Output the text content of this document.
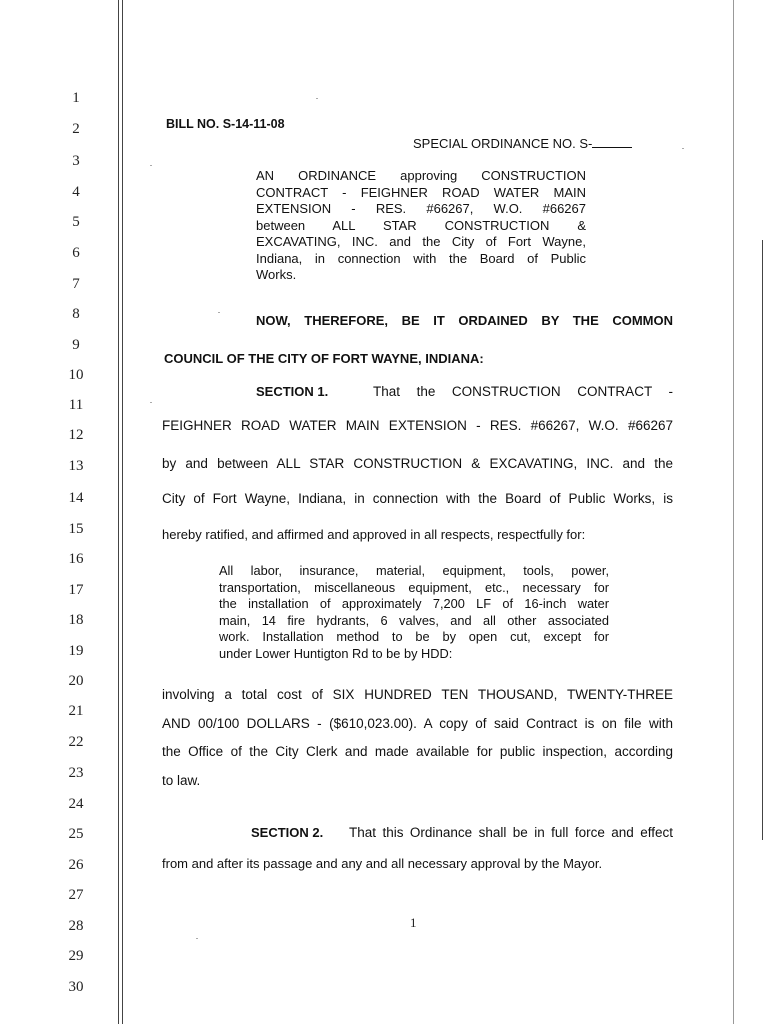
1
2
3
4
5
6
7
8
9
10
11
12
13
14
15
16
17
18
19
20
21
22
23
24
25
26
27
28
29
30
BILL NO. S-14-11-08
SPECIAL ORDINANCE NO. S-
AN ORDINANCE approving CONSTRUCTION
CONTRACT - FEIGHNER ROAD WATER MAIN
EXTENSION - RES. #66267, W.O. #66267
between ALL STAR CONSTRUCTION &
EXCAVATING, INC. and the City of Fort Wayne,
Indiana, in connection with the Board of Public
Works.
NOW, THEREFORE, BE IT ORDAINED BY THE COMMON
COUNCIL OF THE CITY OF FORT WAYNE, INDIANA:
SECTION 1.	That the CONSTRUCTION CONTRACT -
FEIGHNER ROAD WATER MAIN EXTENSION - RES. #66267, W.O. #66267
by and between ALL STAR CONSTRUCTION & EXCAVATING, INC. and the
City of Fort Wayne, Indiana, in connection with the Board of Public Works, is
hereby ratified, and affirmed and approved in all respects, respectfully for:
All labor, insurance, material, equipment, tools, power,
transportation, miscellaneous equipment, etc., necessary for
the installation of approximately 7,200 LF of 16-inch water
main, 14 fire hydrants, 6 valves, and all other associated
work. Installation method to be by open cut, except for
under Lower Huntigton Rd to be by HDD:
involving a total cost of SIX HUNDRED TEN THOUSAND, TWENTY-THREE
AND 00/100 DOLLARS - ($610,023.00). A copy of said Contract is on file with
the Office of the City Clerk and made available for public inspection, according
to law.
SECTION 2. That this Ordinance shall be in full force and effect
from and after its passage and any and all necessary approval by the Mayor.
1
